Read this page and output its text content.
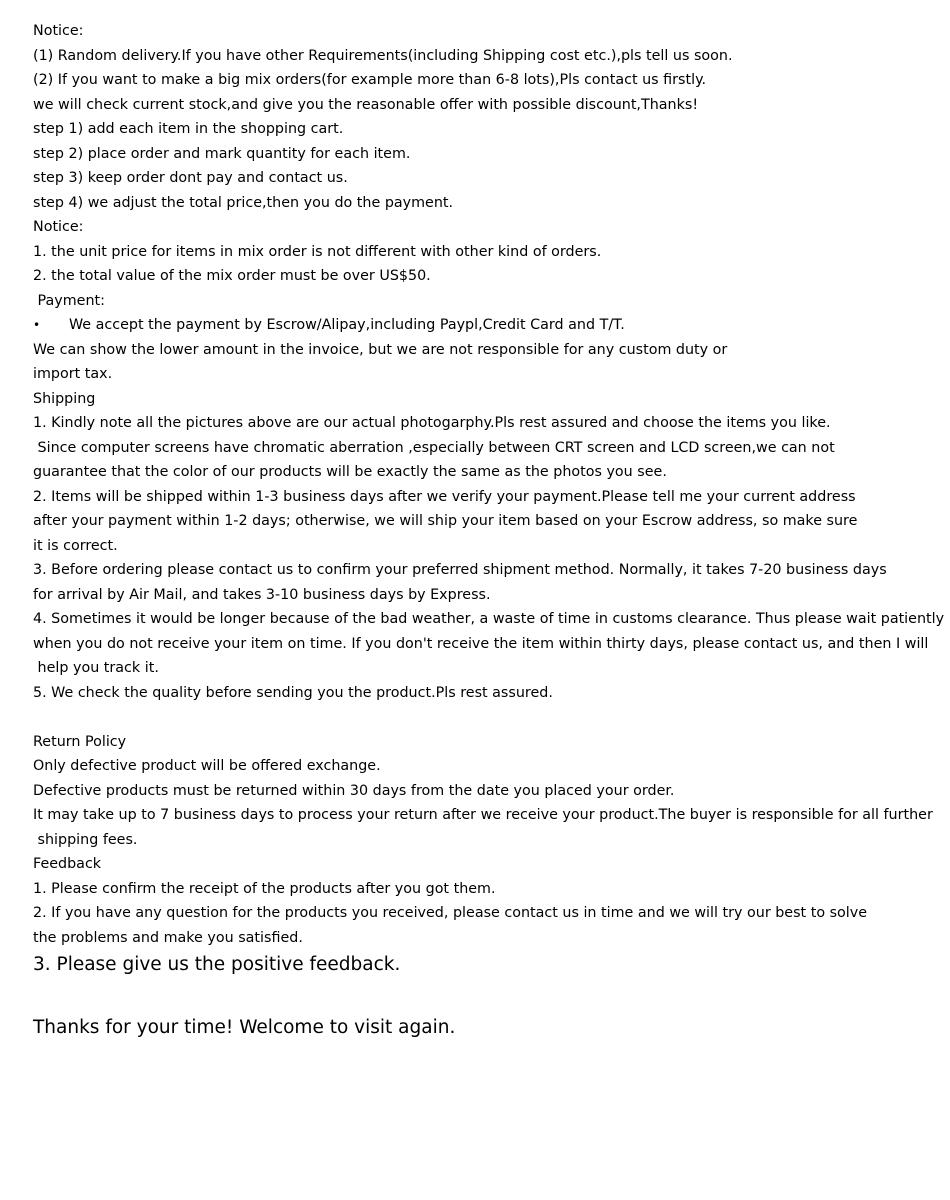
Notice:
(1) Random delivery.If you have other Requirements(including Shipping cost etc.),pls tell us soon.
(2) If you want to make a big mix orders(for example more than 6-8 lots),Pls contact us firstly.
we will check current stock,and give you the reasonable offer with possible discount,Thanks!
step 1) add each item in the shopping cart.
step 2) place order and mark quantity for each item.
step 3) keep order dont pay and contact us.
step 4) we adjust the total price,then you do the payment.
Notice:
1. the unit price for items in mix order is not different with other kind of orders.
2. the total value of the mix order must be over US$50.
Payment:
• We accept the payment by Escrow/Alipay,including Paypl,Credit Card and T/T.
We can show the lower amount in the invoice, but we are not responsible for any custom duty or
import tax.
Shipping
1. Kindly note all the pictures above are our actual photogarphy.Pls rest assured and choose the items you like.
Since computer screens have chromatic aberration ,especially between CRT screen and LCD screen,we can not
guarantee that the color of our products will be exactly the same as the photos you see.
2. Items will be shipped within 1-3 business days after we verify your payment.Please tell me your current address
after your payment within 1-2 days; otherwise, we will ship your item based on your Escrow address, so make sure
it is correct.
3. Before ordering please contact us to confirm your preferred shipment method. Normally, it takes 7-20 business days
for arrival by Air Mail, and takes 3-10 business days by Express.
4. Sometimes it would be longer because of the bad weather, a waste of time in customs clearance. Thus please wait patiently
when you do not receive your item on time. If you don't receive the item within thirty days, please contact us, and then I will
help you track it.
5. We check the quality before sending you the product.Pls rest assured.
Return Policy
Only defective product will be offered exchange.
Defective products must be returned within 30 days from the date you placed your order.
It may take up to 7 business days to process your return after we receive your product.The buyer is responsible for all further
shipping fees.
Feedback
1. Please confirm the receipt of the products after you got them.
2. If you have any question for the products you received, please contact us in time and we will try our best to solve
the problems and make you satisfied.
3. Please give us the positive feedback.
Thanks for your time! Welcome to visit again.
